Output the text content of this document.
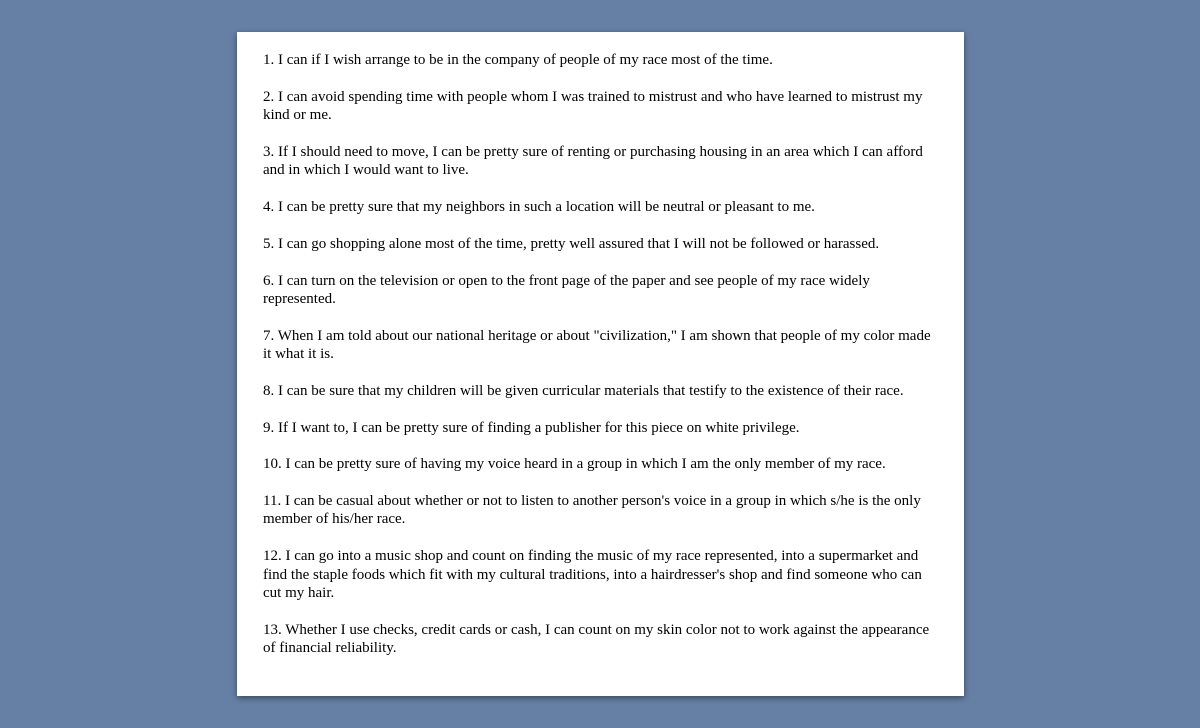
1. I can if I wish arrange to be in the company of people of my race most of the time.

2. I can avoid spending time with people whom I was trained to mistrust and who have learned to mistrust my kind or me.

3. If I should need to move, I can be pretty sure of renting or purchasing housing in an area which I can afford and in which I would want to live.

4. I can be pretty sure that my neighbors in such a location will be neutral or pleasant to me.

5. I can go shopping alone most of the time, pretty well assured that I will not be followed or harassed.

6. I can turn on the television or open to the front page of the paper and see people of my race widely represented.

7. When I am told about our national heritage or about "civilization," I am shown that people of my color made it what it is.

8. I can be sure that my children will be given curricular materials that testify to the existence of their race.

9. If I want to, I can be pretty sure of finding a publisher for this piece on white privilege.

10. I can be pretty sure of having my voice heard in a group in which I am the only member of my race.

11. I can be casual about whether or not to listen to another person's voice in a group in which s/he is the only member of his/her race.

12. I can go into a music shop and count on finding the music of my race represented, into a supermarket and find the staple foods which fit with my cultural traditions, into a hairdresser's shop and find someone who can cut my hair.

13. Whether I use checks, credit cards or cash, I can count on my skin color not to work against the appearance of financial reliability.
